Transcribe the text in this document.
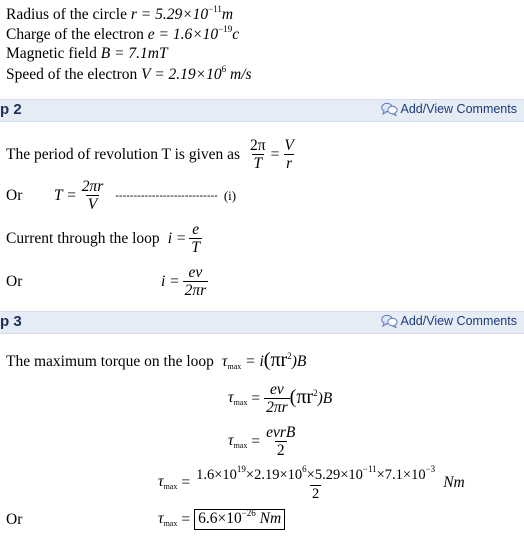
Radius of the circle $r = 5.29\times 10^{-11}m$
Charge of the electron $e = 1.6\times 10^{-19}c$
Magnetic field B = 7.1mT
Speed of the electron $V = 2.19\times 10^6$ m/s
p 2	Add/View Comments
The period of revolution T is given as $\frac{2\pi}{T} = \frac{V}{r}$
Or	$T = \frac{2\pi r}{V}$ ---------------------------- (i)
Current through the loop $i = \frac{e}{T}$
Or	$i = \frac{ev}{2\pi r}$
p 3	Add/View Comments
The maximum torque on the loop $\tau\max = i(\pi r^2)B$
$\tau\max = \frac{ev}{2\pi r} (\pi r^2)B$
$\tau\max = \frac{\text{evrB}}{2}$
$\tau\max = \frac{1.6\times 10^{19}\times 2.19\times 10^6\times 5.29\times 10^{-11}\times 7.1\times 10^{-3}}{2}$ Nm
Or	$\tau\max = 6.6\times 10^{-26}$ Nm
